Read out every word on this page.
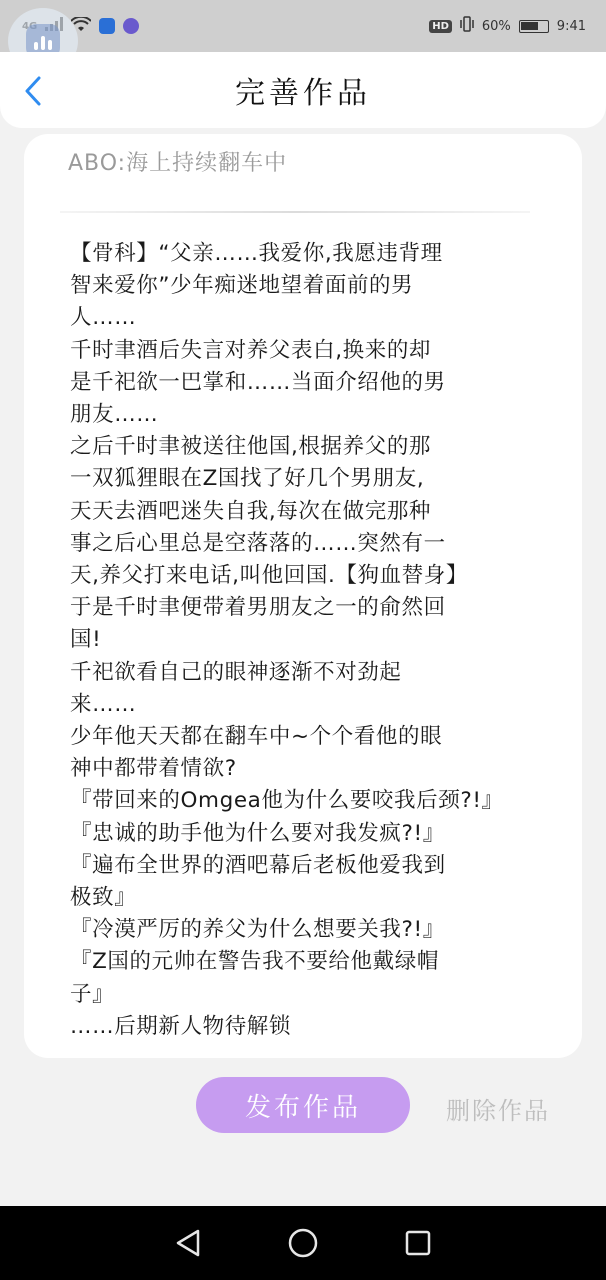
HD	60%	9:41
完善作品
ABO:海上持续翻车中
【骨科】“父亲……我爱你,我愿违背理
智来爱你”少年痴迷地望着面前的男
人……
千时聿酒后失言对养父表白,换来的却
是千祀欲一巴掌和……当面介绍他的男
朋友……
之后千时聿被送往他国,根据养父的那
一双狐狸眼在Z国找了好几个男朋友,
天天去酒吧迷失自我,每次在做完那种
事之后心里总是空落落的……突然有一
天,养父打来电话,叫他回国.【狗血替身】
于是千时聿便带着男朋友之一的俞然回
国!
千祀欲看自己的眼神逐渐不对劲起
来……
少年他天天都在翻车中~个个看他的眼
神中都带着情欲?
『带回来的Omgea他为什么要咬我后颈?!』
『忠诚的助手他为什么要对我发疯?!』
『遍布全世界的酒吧幕后老板他爱我到
极致』
『冷漠严厉的养父为什么想要关我?!』
『Z国的元帅在警告我不要给他戴绿帽
子』
……后期新人物待解锁
发布作品	删除作品
